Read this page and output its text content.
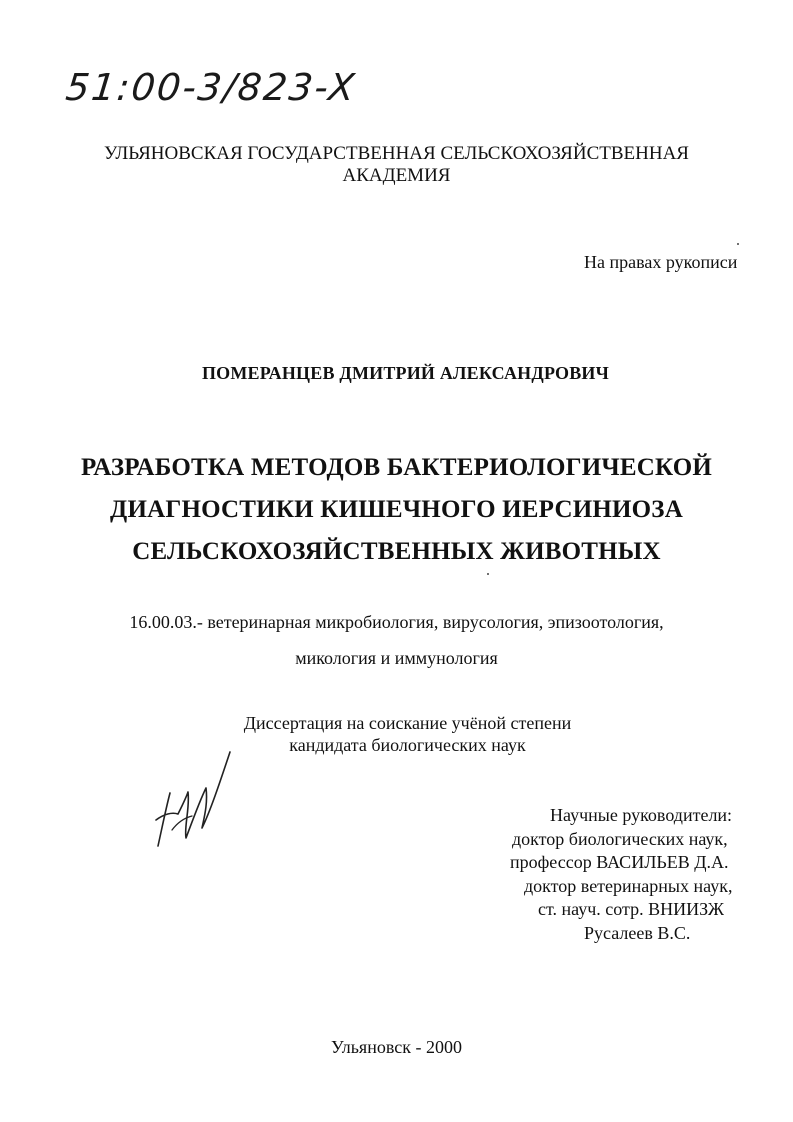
51:00-3/823-X
УЛЬЯНОВСКАЯ ГОСУДАРСТВЕННАЯ СЕЛЬСКОХОЗЯЙСТВЕННАЯ
АКАДЕМИЯ
На правах рукописи
ПОМЕРАНЦЕВ ДМИТРИЙ АЛЕКСАНДРОВИЧ
РАЗРАБОТКА МЕТОДОВ БАКТЕРИОЛОГИЧЕСКОЙ
ДИАГНОСТИКИ КИШЕЧНОГО ИЕРСИНИОЗА
СЕЛЬСКОХОЗЯЙСТВЕННЫХ ЖИВОТНЫХ
16.00.03.- ветеринарная микробиология, вирусология, эпизоотология,
микология и иммунология
Диссертация на соискание учёной степени
кандидата биологических наук
Научные руководители:
доктор биологических наук,
профессор ВАСИЛЬЕВ Д.А.
доктор ветеринарных наук,
ст. науч. сотр. ВНИИЗЖ
Русалеев В.С.
Ульяновск - 2000
